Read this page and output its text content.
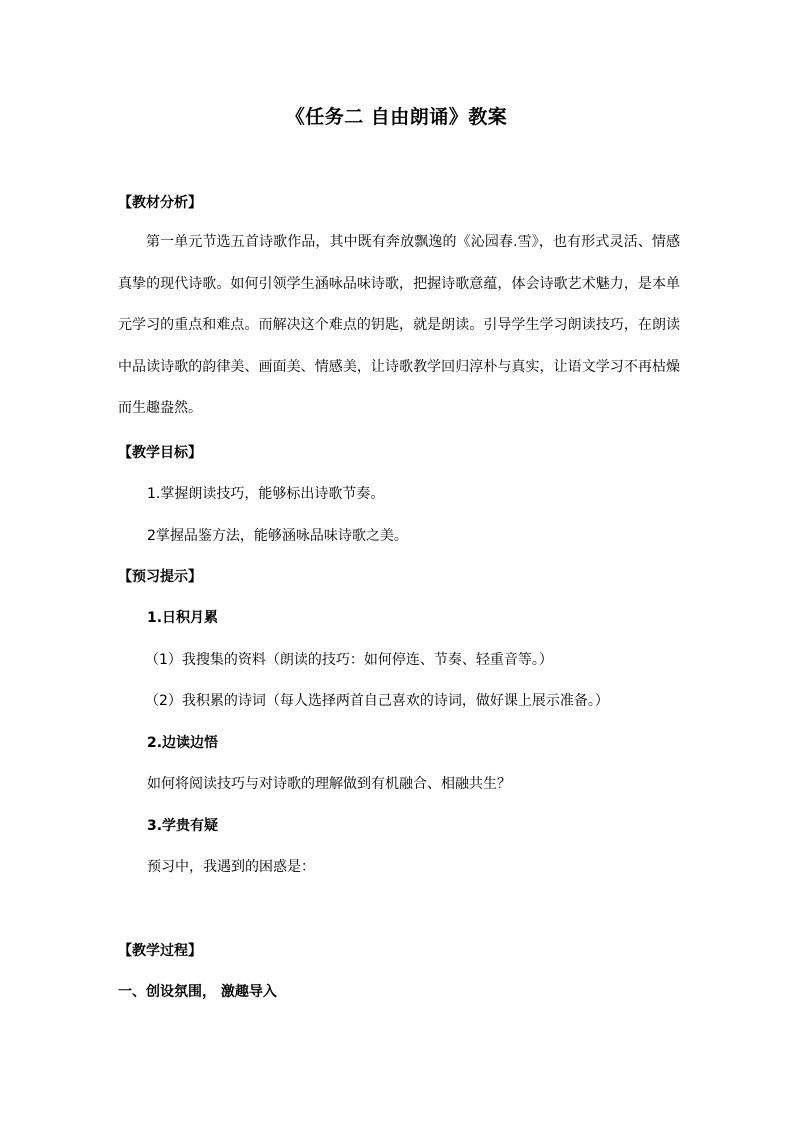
《任务二 自由朗诵》教案
【教材分析】
第一单元节选五首诗歌作品，其中既有奔放飘逸的《沁园春.雪》，也有形式灵活、情感真挚的现代诗歌。如何引领学生涵咏品味诗歌，把握诗歌意蕴，体会诗歌艺术魅力，是本单元学习的重点和难点。而解决这个难点的钥匙，就是朗读。引导学生学习朗读技巧，在朗读中品读诗歌的韵律美、画面美、情感美，让诗歌教学回归淳朴与真实，让语文学习不再枯燥而生趣盎然。
【教学目标】
1.掌握朗读技巧，能够标出诗歌节奏。
2掌握品鉴方法，能够涵咏品味诗歌之美。
【预习提示】
1.日积月累
（1）我搜集的资料（朗读的技巧：如何停连、节奏、轻重音等。）
（2）我积累的诗词（每人选择两首自己喜欢的诗词，做好课上展示准备。）
2.边读边悟
如何将阅读技巧与对诗歌的理解做到有机融合、相融共生？
3.学贵有疑
预习中，我遇到的困惑是：
【教学过程】
一、创设氛围， 激趣导入
